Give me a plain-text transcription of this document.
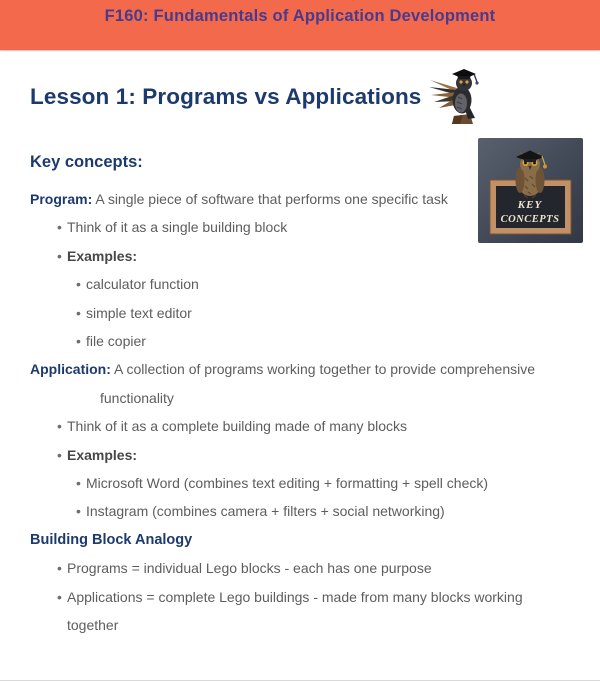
F160: Fundamentals of Application Development
Lesson 1: Programs vs Applications
Key concepts:

Program: A single piece of software that performs one specific task

• Think of it as a single building block
• Examples:
• calculator function
• simple text editor
• file copier

Application: A collection of programs working together to provide comprehensive
functionality

• Think of it as a complete building made of many blocks
• Examples:
• Microsoft Word (combines text editing + formatting + spell check)
• Instagram (combines camera + filters + social networking)

Building Block Analogy

• Programs = individual Lego blocks - each has one purpose
• Applications = complete Lego buildings - made from many blocks working
together
KEY
CONCEPTS
